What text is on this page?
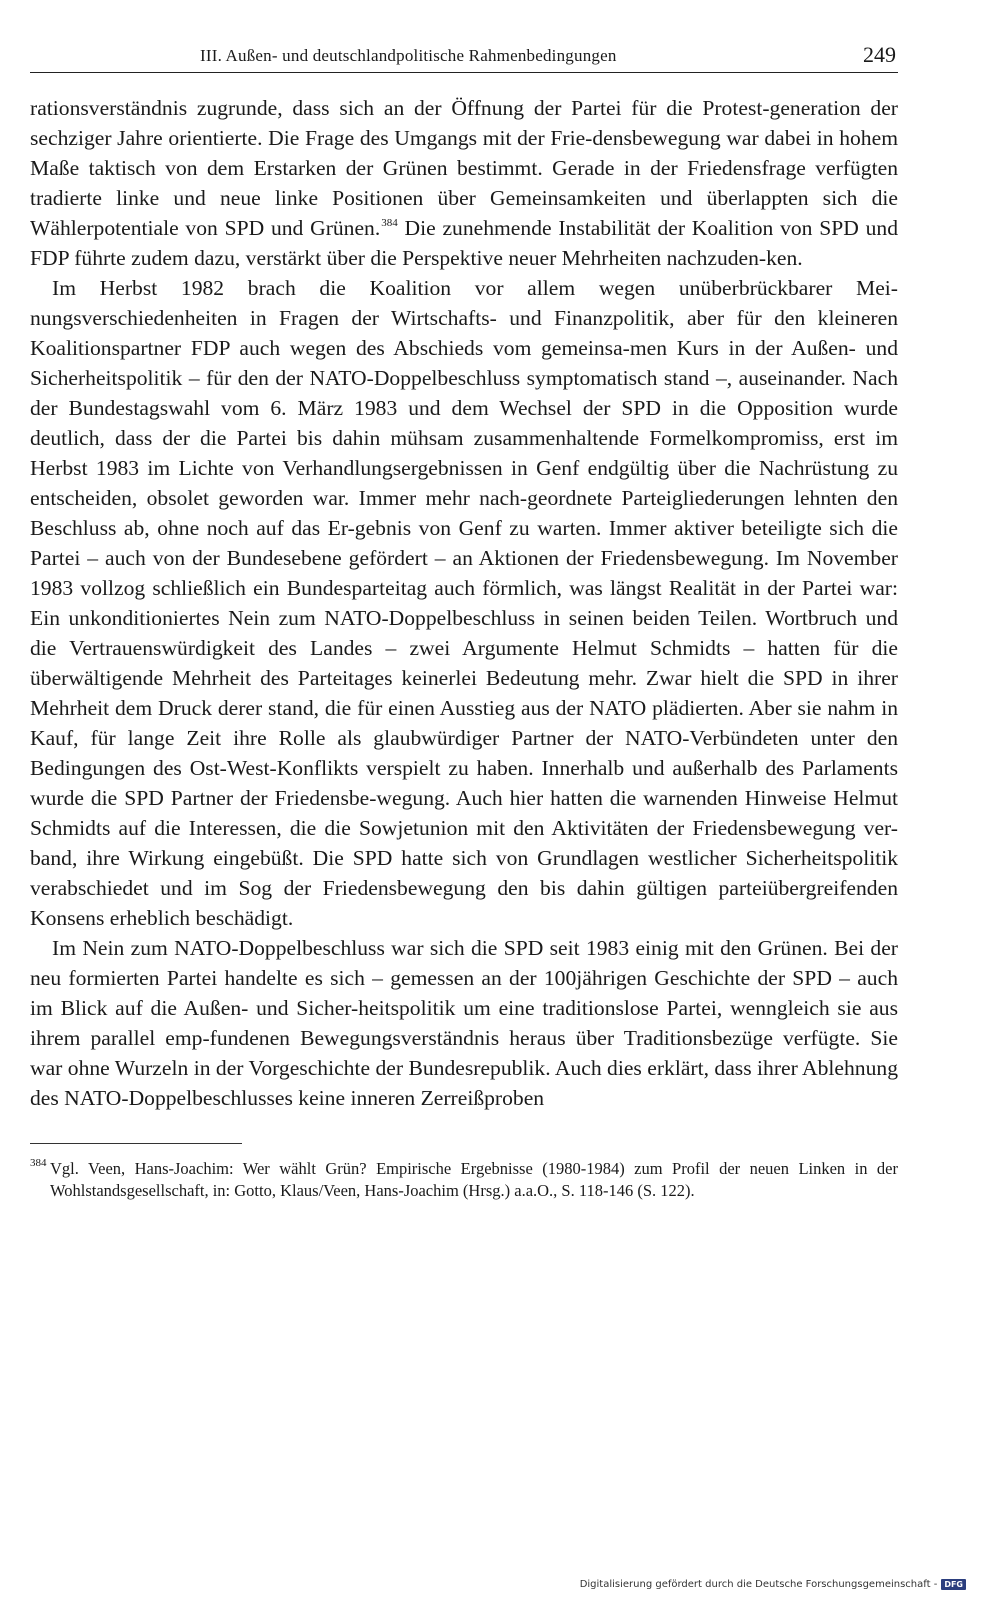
III. Außen- und deutschlandpolitische Rahmenbedingungen	249

rationsverständnis zugrunde, dass sich an der Öffnung der Partei für die Protest-generation der sechziger Jahre orientierte. Die Frage des Umgangs mit der Frie-densbewegung war dabei in hohem Maße taktisch von dem Erstarken der Grünen bestimmt. Gerade in der Friedensfrage verfügten tradierte linke und neue linke Positionen über Gemeinsamkeiten und überlappten sich die Wählerpotentiale von SPD und Grünen.$^{384}$ Die zunehmende Instabilität der Koalition von SPD und FDP führte zudem dazu, verstärkt über die Perspektive neuer Mehrheiten nachzuden-ken.

Im Herbst 1982 brach die Koalition vor allem wegen unüberbrückbarer Mei-nungsverschiedenheiten in Fragen der Wirtschafts- und Finanzpolitik, aber für den kleineren Koalitionspartner FDP auch wegen des Abschieds vom gemeinsa-men Kurs in der Außen- und Sicherheitspolitik – für den der NATO-Doppelbeschluss symptomatisch stand –, auseinander. Nach der Bundestagswahl vom 6. März 1983 und dem Wechsel der SPD in die Opposition wurde deutlich, dass der die Partei bis dahin mühsam zusammenhaltende Formelkompromiss, erst im Herbst 1983 im Lichte von Verhandlungsergebnissen in Genf endgültig über die Nachrüstung zu entscheiden, obsolet geworden war. Immer mehr nach-geordnete Parteigliederungen lehnten den Beschluss ab, ohne noch auf das Er-gebnis von Genf zu warten. Immer aktiver beteiligte sich die Partei – auch von der Bundesebene gefördert – an Aktionen der Friedensbewegung. Im November 1983 vollzog schließlich ein Bundesparteitag auch förmlich, was längst Realität in der Partei war: Ein unkonditioniertes Nein zum NATO-Doppelbeschluss in seinen beiden Teilen. Wortbruch und die Vertrauenswürdigkeit des Landes – zwei Argumente Helmut Schmidts – hatten für die überwältigende Mehrheit des Parteitages keinerlei Bedeutung mehr. Zwar hielt die SPD in ihrer Mehrheit dem Druck derer stand, die für einen Ausstieg aus der NATO plädierten. Aber sie nahm in Kauf, für lange Zeit ihre Rolle als glaubwürdiger Partner der NATO-Verbündeten unter den Bedingungen des Ost-West-Konflikts verspielt zu haben. Innerhalb und außerhalb des Parlaments wurde die SPD Partner der Friedensbe-wegung. Auch hier hatten die warnenden Hinweise Helmut Schmidts auf die Interessen, die die Sowjetunion mit den Aktivitäten der Friedensbewegung ver-band, ihre Wirkung eingebüßt. Die SPD hatte sich von Grundlagen westlicher Sicherheitspolitik verabschiedet und im Sog der Friedensbewegung den bis dahin gültigen parteiübergreifenden Konsens erheblich beschädigt.

Im Nein zum NATO-Doppelbeschluss war sich die SPD seit 1983 einig mit den Grünen. Bei der neu formierten Partei handelte es sich – gemessen an der 100jährigen Geschichte der SPD – auch im Blick auf die Außen- und Sicher-heitspolitik um eine traditionslose Partei, wenngleich sie aus ihrem parallel emp-fundenen Bewegungsverständnis heraus über Traditionsbezüge verfügte. Sie war ohne Wurzeln in der Vorgeschichte der Bundesrepublik. Auch dies erklärt, dass ihrer Ablehnung des NATO-Doppelbeschlusses keine inneren Zerreißproben

384 Vgl. Veen, Hans-Joachim: Wer wählt Grün? Empirische Ergebnisse (1980-1984) zum Profil der neuen Linken in der Wohlstandsgesellschaft, in: Gotto, Klaus/Veen, Hans-Joachim (Hrsg.) a.a.O., S. 118-146 (S. 122).
Digitalisierung gefördert durch die Deutsche Forschungsgemeinschaft - DFG
